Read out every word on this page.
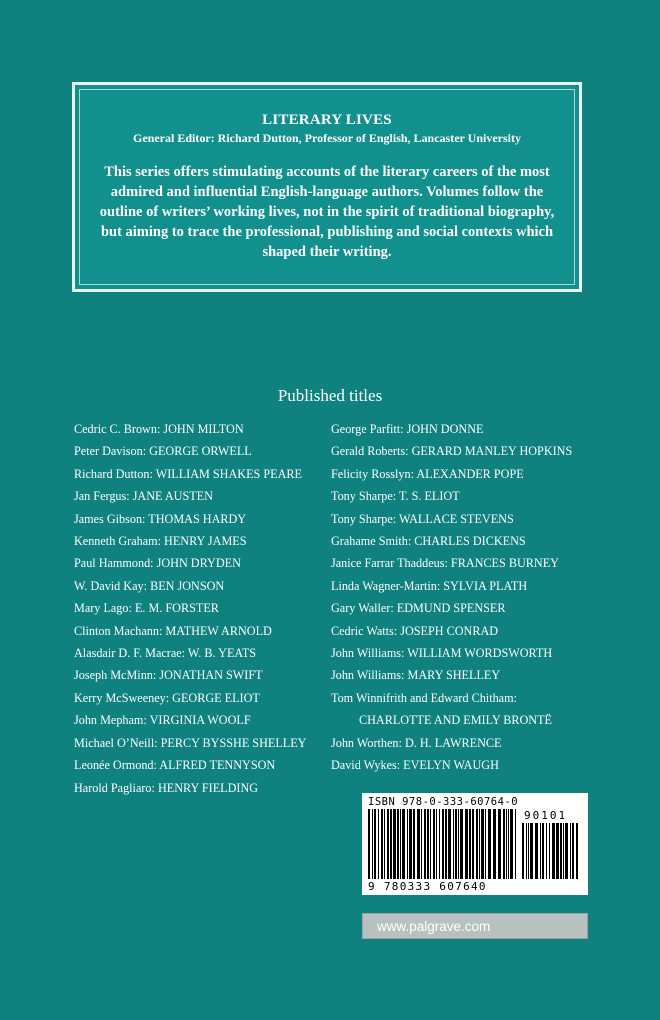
LITERARY LIVES
General Editor: Richard Dutton, Professor of English, Lancaster University
This series offers stimulating accounts of the literary careers of the most admired and influential English-language authors. Volumes follow the outline of writers’ working lives, not in the spirit of traditional biography, but aiming to trace the professional, publishing and social contexts which shaped their writing.
Published titles
Cedric C. Brown: JOHN MILTON
Peter Davison: GEORGE ORWELL
Richard Dutton: WILLIAM SHAKES PEARE
Jan Fergus: JANE AUSTEN
James Gibson: THOMAS HARDY
Kenneth Graham: HENRY JAMES
Paul Hammond: JOHN DRYDEN
W. David Kay: BEN JONSON
Mary Lago: E. M. FORSTER
Clinton Machann: MATHEW ARNOLD
Alasdair D. F. Macrae: W. B. YEATS
Joseph McMinn: JONATHAN SWIFT
Kerry McSweeney: GEORGE ELIOT
John Mepham: VIRGINIA WOOLF
Michael O’Neill: PERCY BYSSHE SHELLEY
Leonée Ormond: ALFRED TENNYSON
Harold Pagliaro: HENRY FIELDING
George Parfitt: JOHN DONNE
Gerald Roberts: GERARD MANLEY HOPKINS
Felicity Rosslyn: ALEXANDER POPE
Tony Sharpe: T. S. ELIOT
Tony Sharpe: WALLACE STEVENS
Grahame Smith: CHARLES DICKENS
Janice Farrar Thaddeus: FRANCES BURNEY
Linda Wagner-Martin: SYLVIA PLATH
Gary Waller: EDMUND SPENSER
Cedric Watts: JOSEPH CONRAD
John Williams: WILLIAM WORDSWORTH
John Williams: MARY SHELLEY
Tom Winnifrith and Edward Chitham:
CHARLOTTE AND EMILY BRONTË
John Worthen: D. H. LAWRENCE
David Wykes: EVELYN WAUGH
ISBN 978-0-333-60764-0
90101
9 780333 607640
www.palgrave.com
